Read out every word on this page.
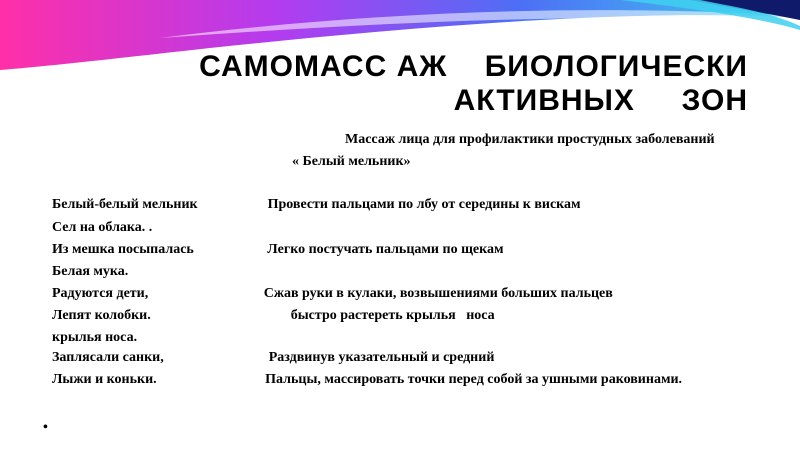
САМОМАСС АЖ    БИОЛОГИЧЕСКИ
АКТИВНЫХ     ЗОН
Массаж лица для профилактики простудных заболеваний
« Белый мельник»
Белый-белый мельник                    Провести пальцами по лбу от середины к вискам
Сел на облака. .
Из мешка посыпалась                     Легко постучать пальцами по щекам
Белая мука.
Радуются дети,                                 Сжав руки в кулаки, возвышениями больших пальцев
Лепят колобки.                                        быстро растереть крылья   носа
крылья носа.
Заплясали санки,                              Раздвинув указательный и средний
Лыжи и коньки.                               Пальцы, массировать точки перед собой за ушными раковинами.
•
